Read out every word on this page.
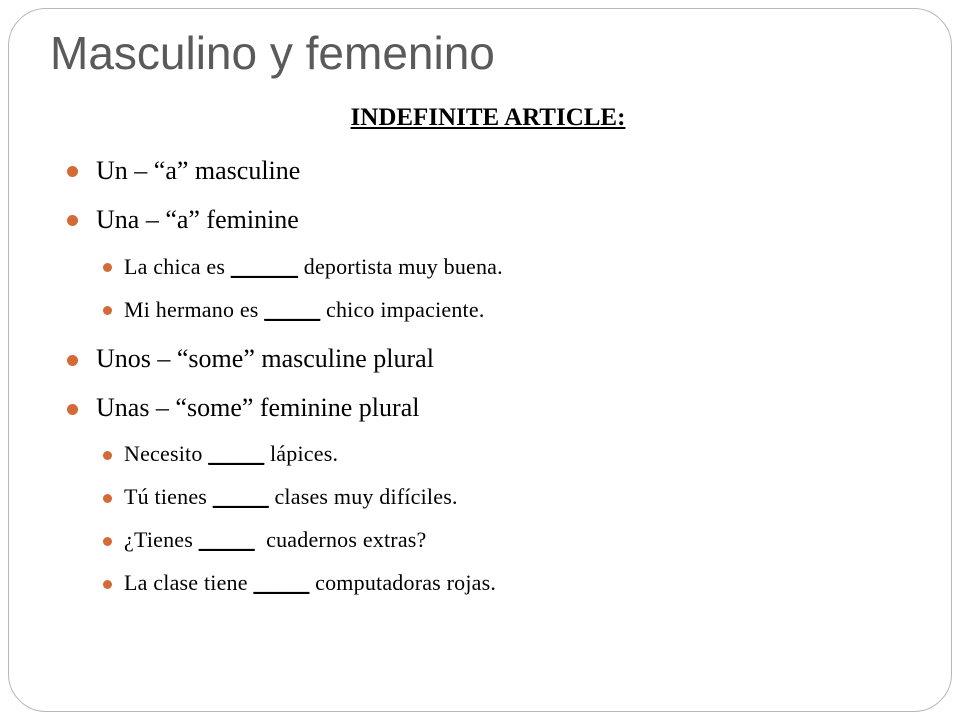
Masculino y femenino
INDEFINITE ARTICLE:
Un – “a” masculine
Una – “a” feminine
La chica es ______ deportista muy buena.
Mi hermano es _____ chico impaciente.
Unos – “some” masculine plural
Unas – “some” feminine plural
Necesito _____ lápices.
Tú tienes _____ clases muy difíciles.
¿Tienes _____  cuadernos extras?
La clase tiene _____ computadoras rojas.
